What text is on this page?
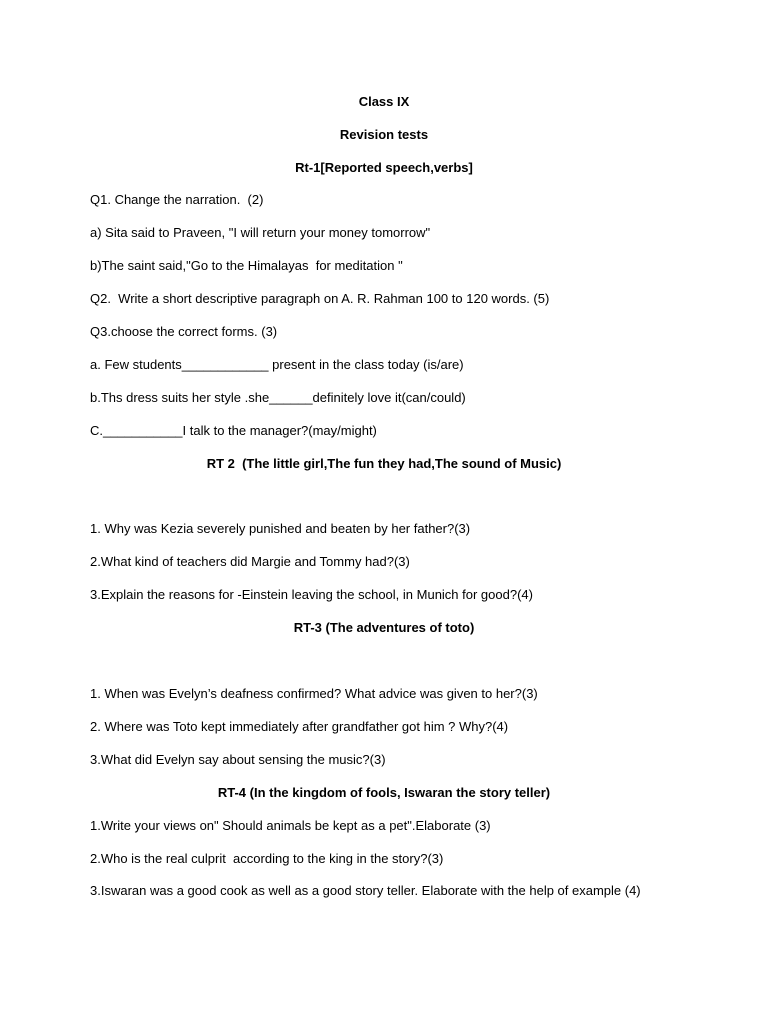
Class IX
Revision tests
Rt-1[Reported speech,verbs]
Q1. Change the narration.  (2)
a) Sita said to Praveen, "I will return your money tomorrow"
b)The saint said,"Go to the Himalayas  for meditation "
Q2.  Write a short descriptive paragraph on A. R. Rahman 100 to 120 words. (5)
Q3.choose the correct forms. (3)
a. Few students____________ present in the class today (is/are)
b.Ths dress suits her style .she______definitely love it(can/could)
C.___________I talk to the manager?(may/might)
RT 2  (The little girl,The fun they had,The sound of Music)
1. Why was Kezia severely punished and beaten by her father?(3)
2.What kind of teachers did Margie and Tommy had?(3)
3.Explain the reasons for -Einstein leaving the school, in Munich for good?(4)
RT-3 (The adventures of toto)
1. When was Evelyn’s deafness confirmed? What advice was given to her?(3)
2. Where was Toto kept immediately after grandfather got him ? Why?(4)
3.What did Evelyn say about sensing the music?(3)
RT-4 (In the kingdom of fools, Iswaran the story teller)
1.Write your views on" Should animals be kept as a pet".Elaborate (3)
2.Who is the real culprit  according to the king in the story?(3)
3.Iswaran was a good cook as well as a good story teller. Elaborate with the help of example (4)
